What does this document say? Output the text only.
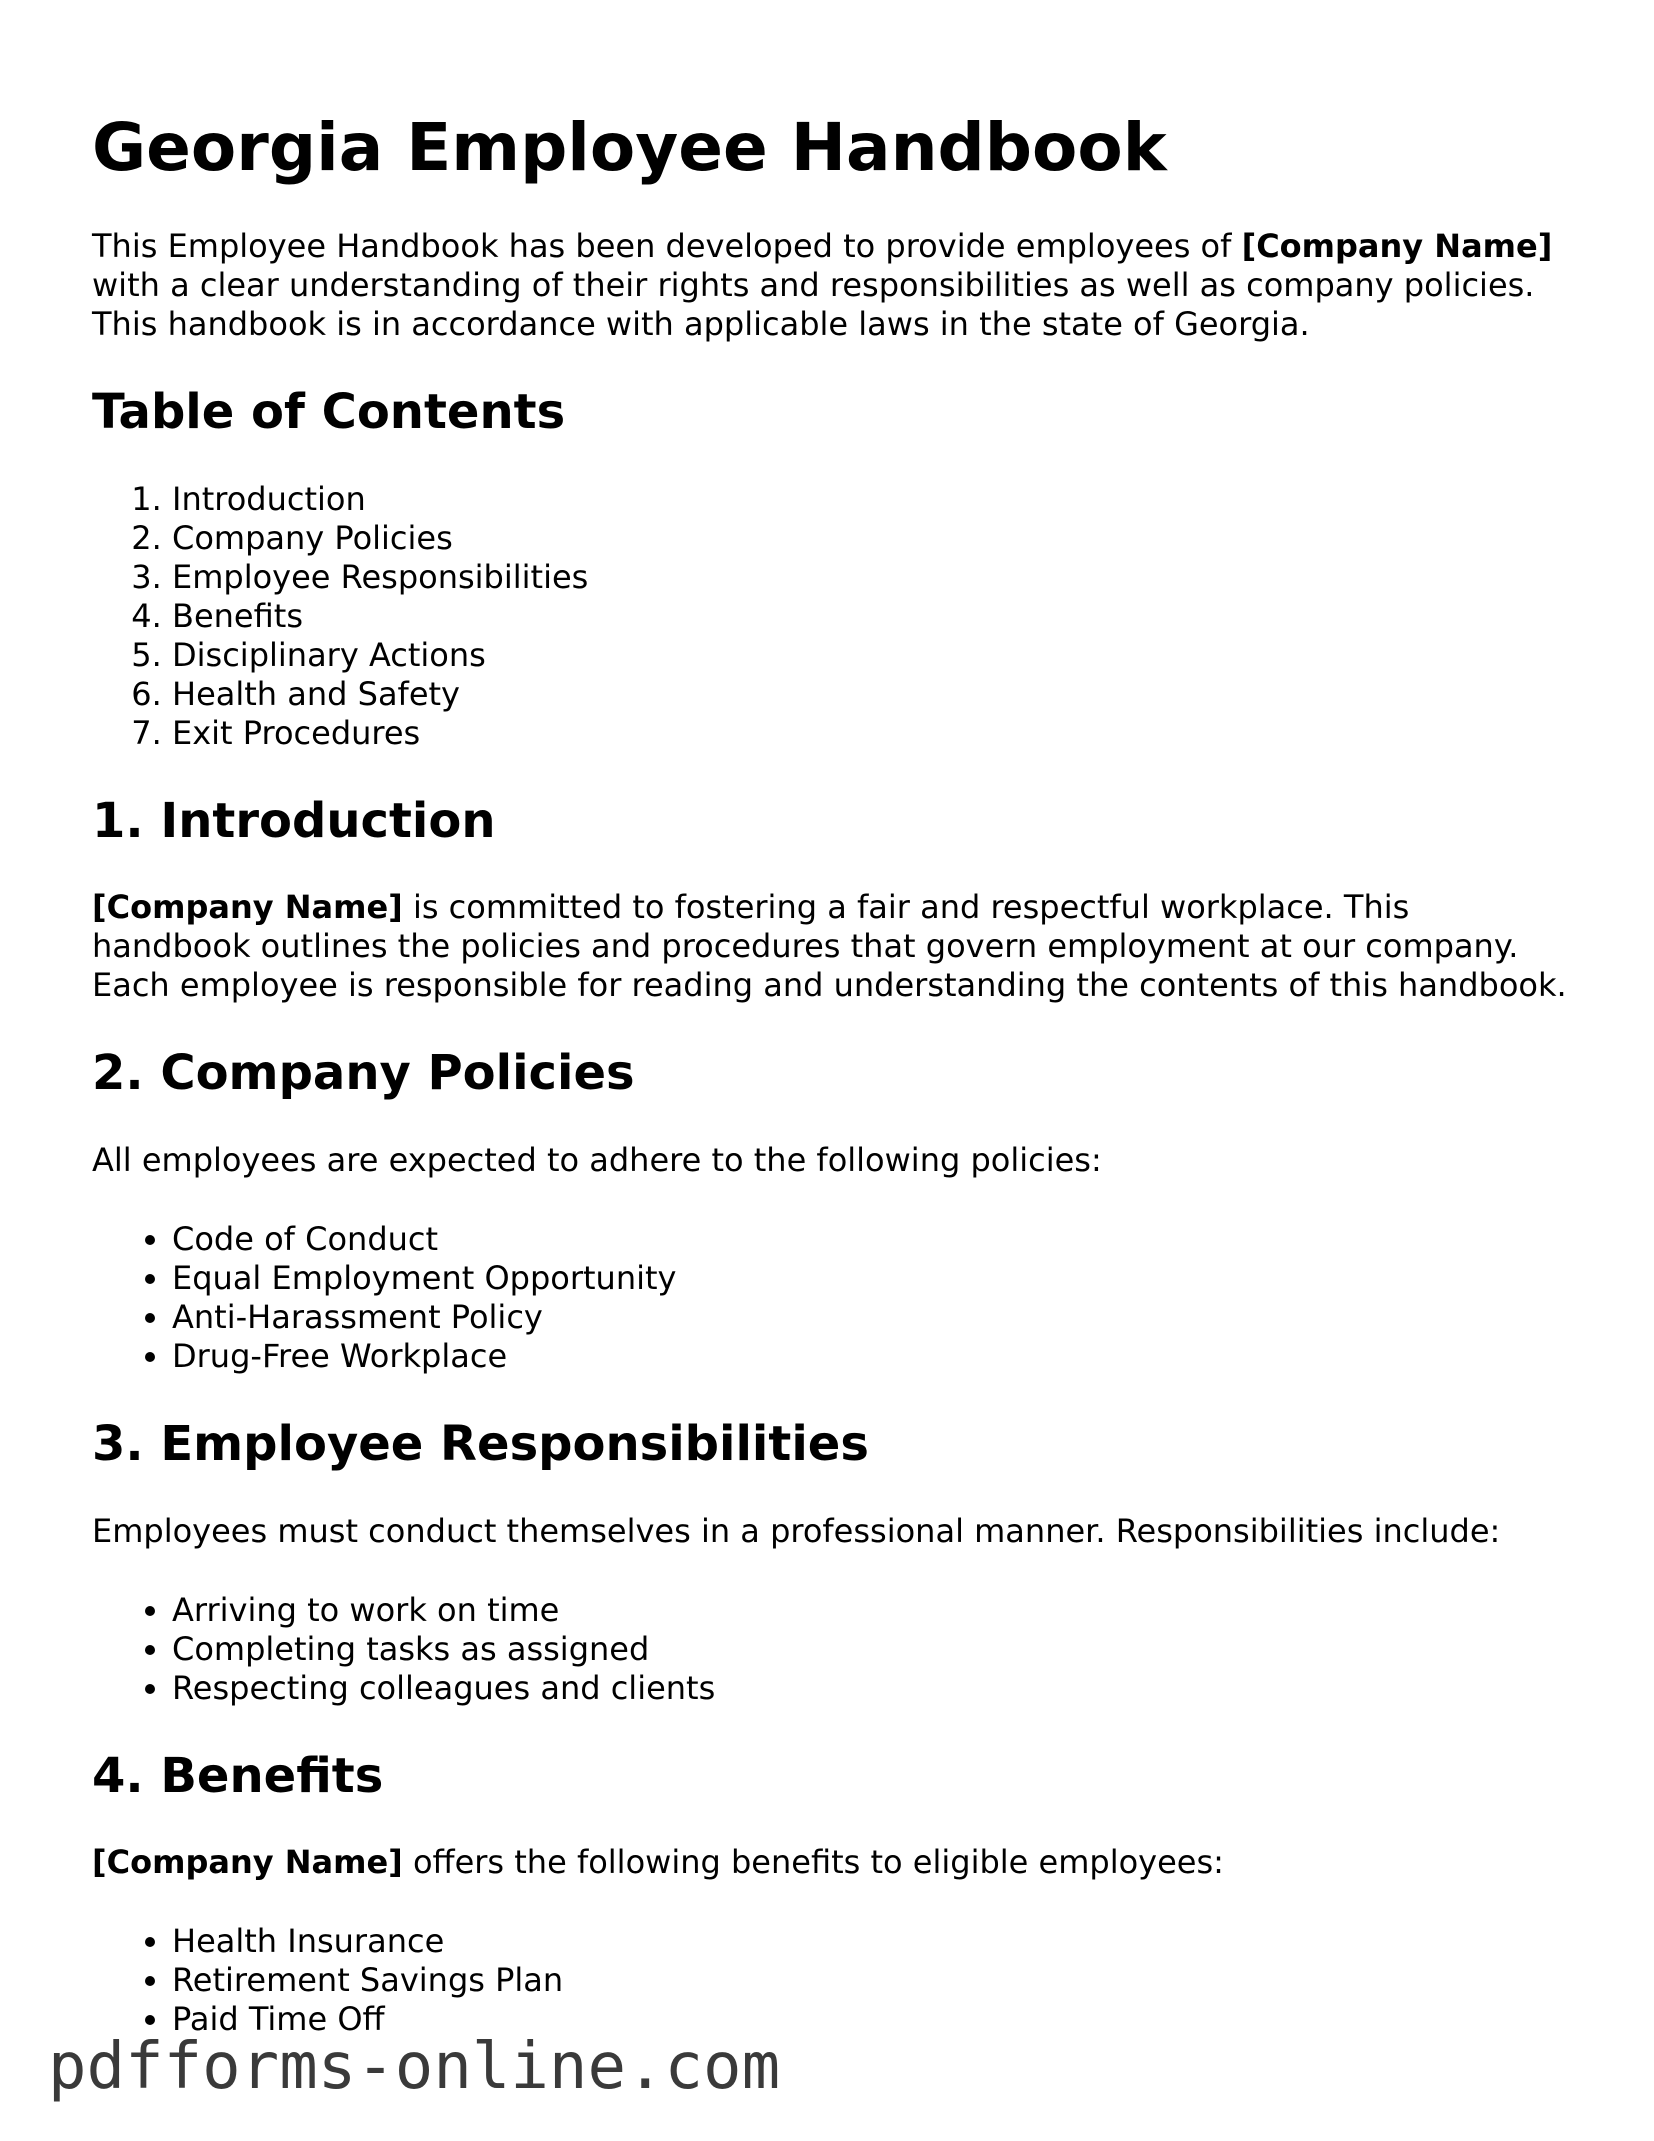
Georgia Employee Handbook

This Employee Handbook has been developed to provide employees of [Company Name] with a clear understanding of their rights and responsibilities as well as company policies. This handbook is in accordance with applicable laws in the state of Georgia.

Table of Contents
1. Introduction
2. Company Policies
3. Employee Responsibilities
4. Benefits
5. Disciplinary Actions
6. Health and Safety
7. Exit Procedures
1. Introduction

[Company Name] is committed to fostering a fair and respectful workplace. This handbook outlines the policies and procedures that govern employment at our company. Each employee is responsible for reading and understanding the contents of this handbook.

2. Company Policies

All employees are expected to adhere to the following policies:

• Code of Conduct
• Equal Employment Opportunity
• Anti-Harassment Policy
• Drug-Free Workplace
3. Employee Responsibilities

Employees must conduct themselves in a professional manner. Responsibilities include:

• Arriving to work on time
• Completing tasks as assigned
• Respecting colleagues and clients
4. Benefits

[Company Name] offers the following benefits to eligible employees:

• Health Insurance
• Retirement Savings Plan
• Paid Time Off
pdfforms-online.com
